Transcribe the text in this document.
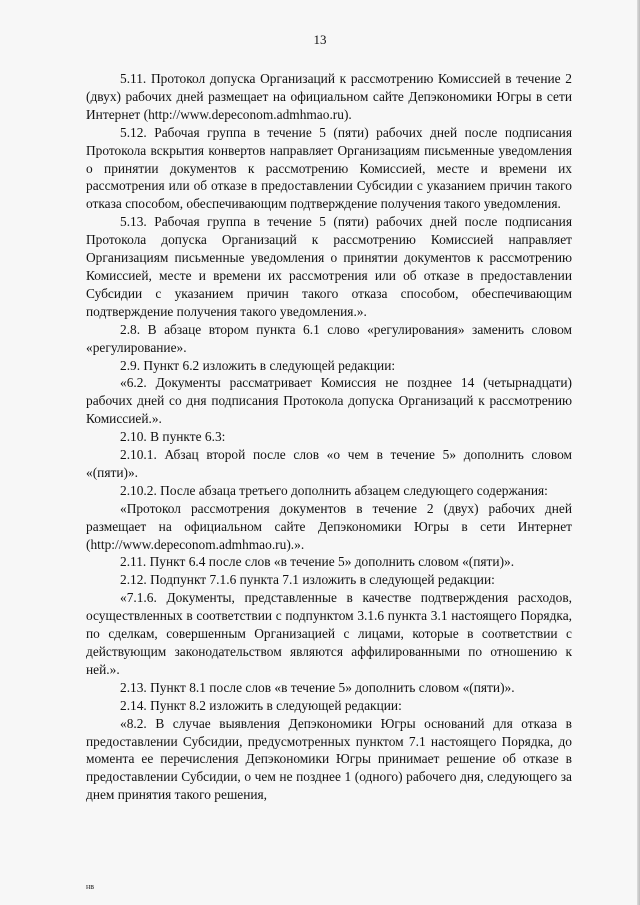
13

5.11. Протокол допуска Организаций к рассмотрению Комиссией в течение 2 (двух) рабочих дней размещает на официальном сайте Депэкономики Югры в сети Интернет (http://www.depeconom.admhmao.ru).

5.12. Рабочая группа в течение 5 (пяти) рабочих дней после подписания Протокола вскрытия конвертов направляет Организациям письменные уведомления о принятии документов к рассмотрению Комиссией, месте и времени их рассмотрения или об отказе в предоставлении Субсидии с указанием причин такого отказа способом, обеспечивающим подтверждение получения такого уведомления.

5.13. Рабочая группа в течение 5 (пяти) рабочих дней после подписания Протокола допуска Организаций к рассмотрению Комиссией направляет Организациям письменные уведомления о принятии документов к рассмотрению Комиссией, месте и времени их рассмотрения или об отказе в предоставлении Субсидии с указанием причин такого отказа способом, обеспечивающим подтверждение получения такого уведомления.».

2.8. В абзаце втором пункта 6.1 слово «регулирования» заменить словом «регулирование».

2.9. Пункт 6.2 изложить в следующей редакции:

«6.2. Документы рассматривает Комиссия не позднее 14 (четырнадцати) рабочих дней со дня подписания Протокола допуска Организаций к рассмотрению Комиссией.».

2.10. В пункте 6.3:

2.10.1. Абзац второй после слов «о чем в течение 5» дополнить словом «(пяти)».

2.10.2. После абзаца третьего дополнить абзацем следующего содержания:

«Протокол рассмотрения документов в течение 2 (двух) рабочих дней размещает на официальном сайте Депэкономики Югры в сети Интернет (http://www.depeconom.admhmao.ru).».

2.11. Пункт 6.4 после слов «в течение 5» дополнить словом «(пяти)».

2.12. Подпункт 7.1.6 пункта 7.1 изложить в следующей редакции:

«7.1.6. Документы, представленные в качестве подтверждения расходов, осуществленных в соответствии с подпунктом 3.1.6 пункта 3.1 настоящего Порядка, по сделкам, совершенным Организацией с лицами, которые в соответствии с действующим законодательством являются аффилированными по отношению к ней.».

2.13. Пункт 8.1 после слов «в течение 5» дополнить словом «(пяти)».

2.14. Пункт 8.2 изложить в следующей редакции:

«8.2. В случае выявления Депэкономики Югры оснований для отказа в предоставлении Субсидии, предусмотренных пунктом 7.1 настоящего Порядка, до момента ее перечисления Депэкономики Югры принимает решение об отказе в предоставлении Субсидии, о чем не позднее 1 (одного) рабочего дня, следующего за днем принятия такого решения,

нв
